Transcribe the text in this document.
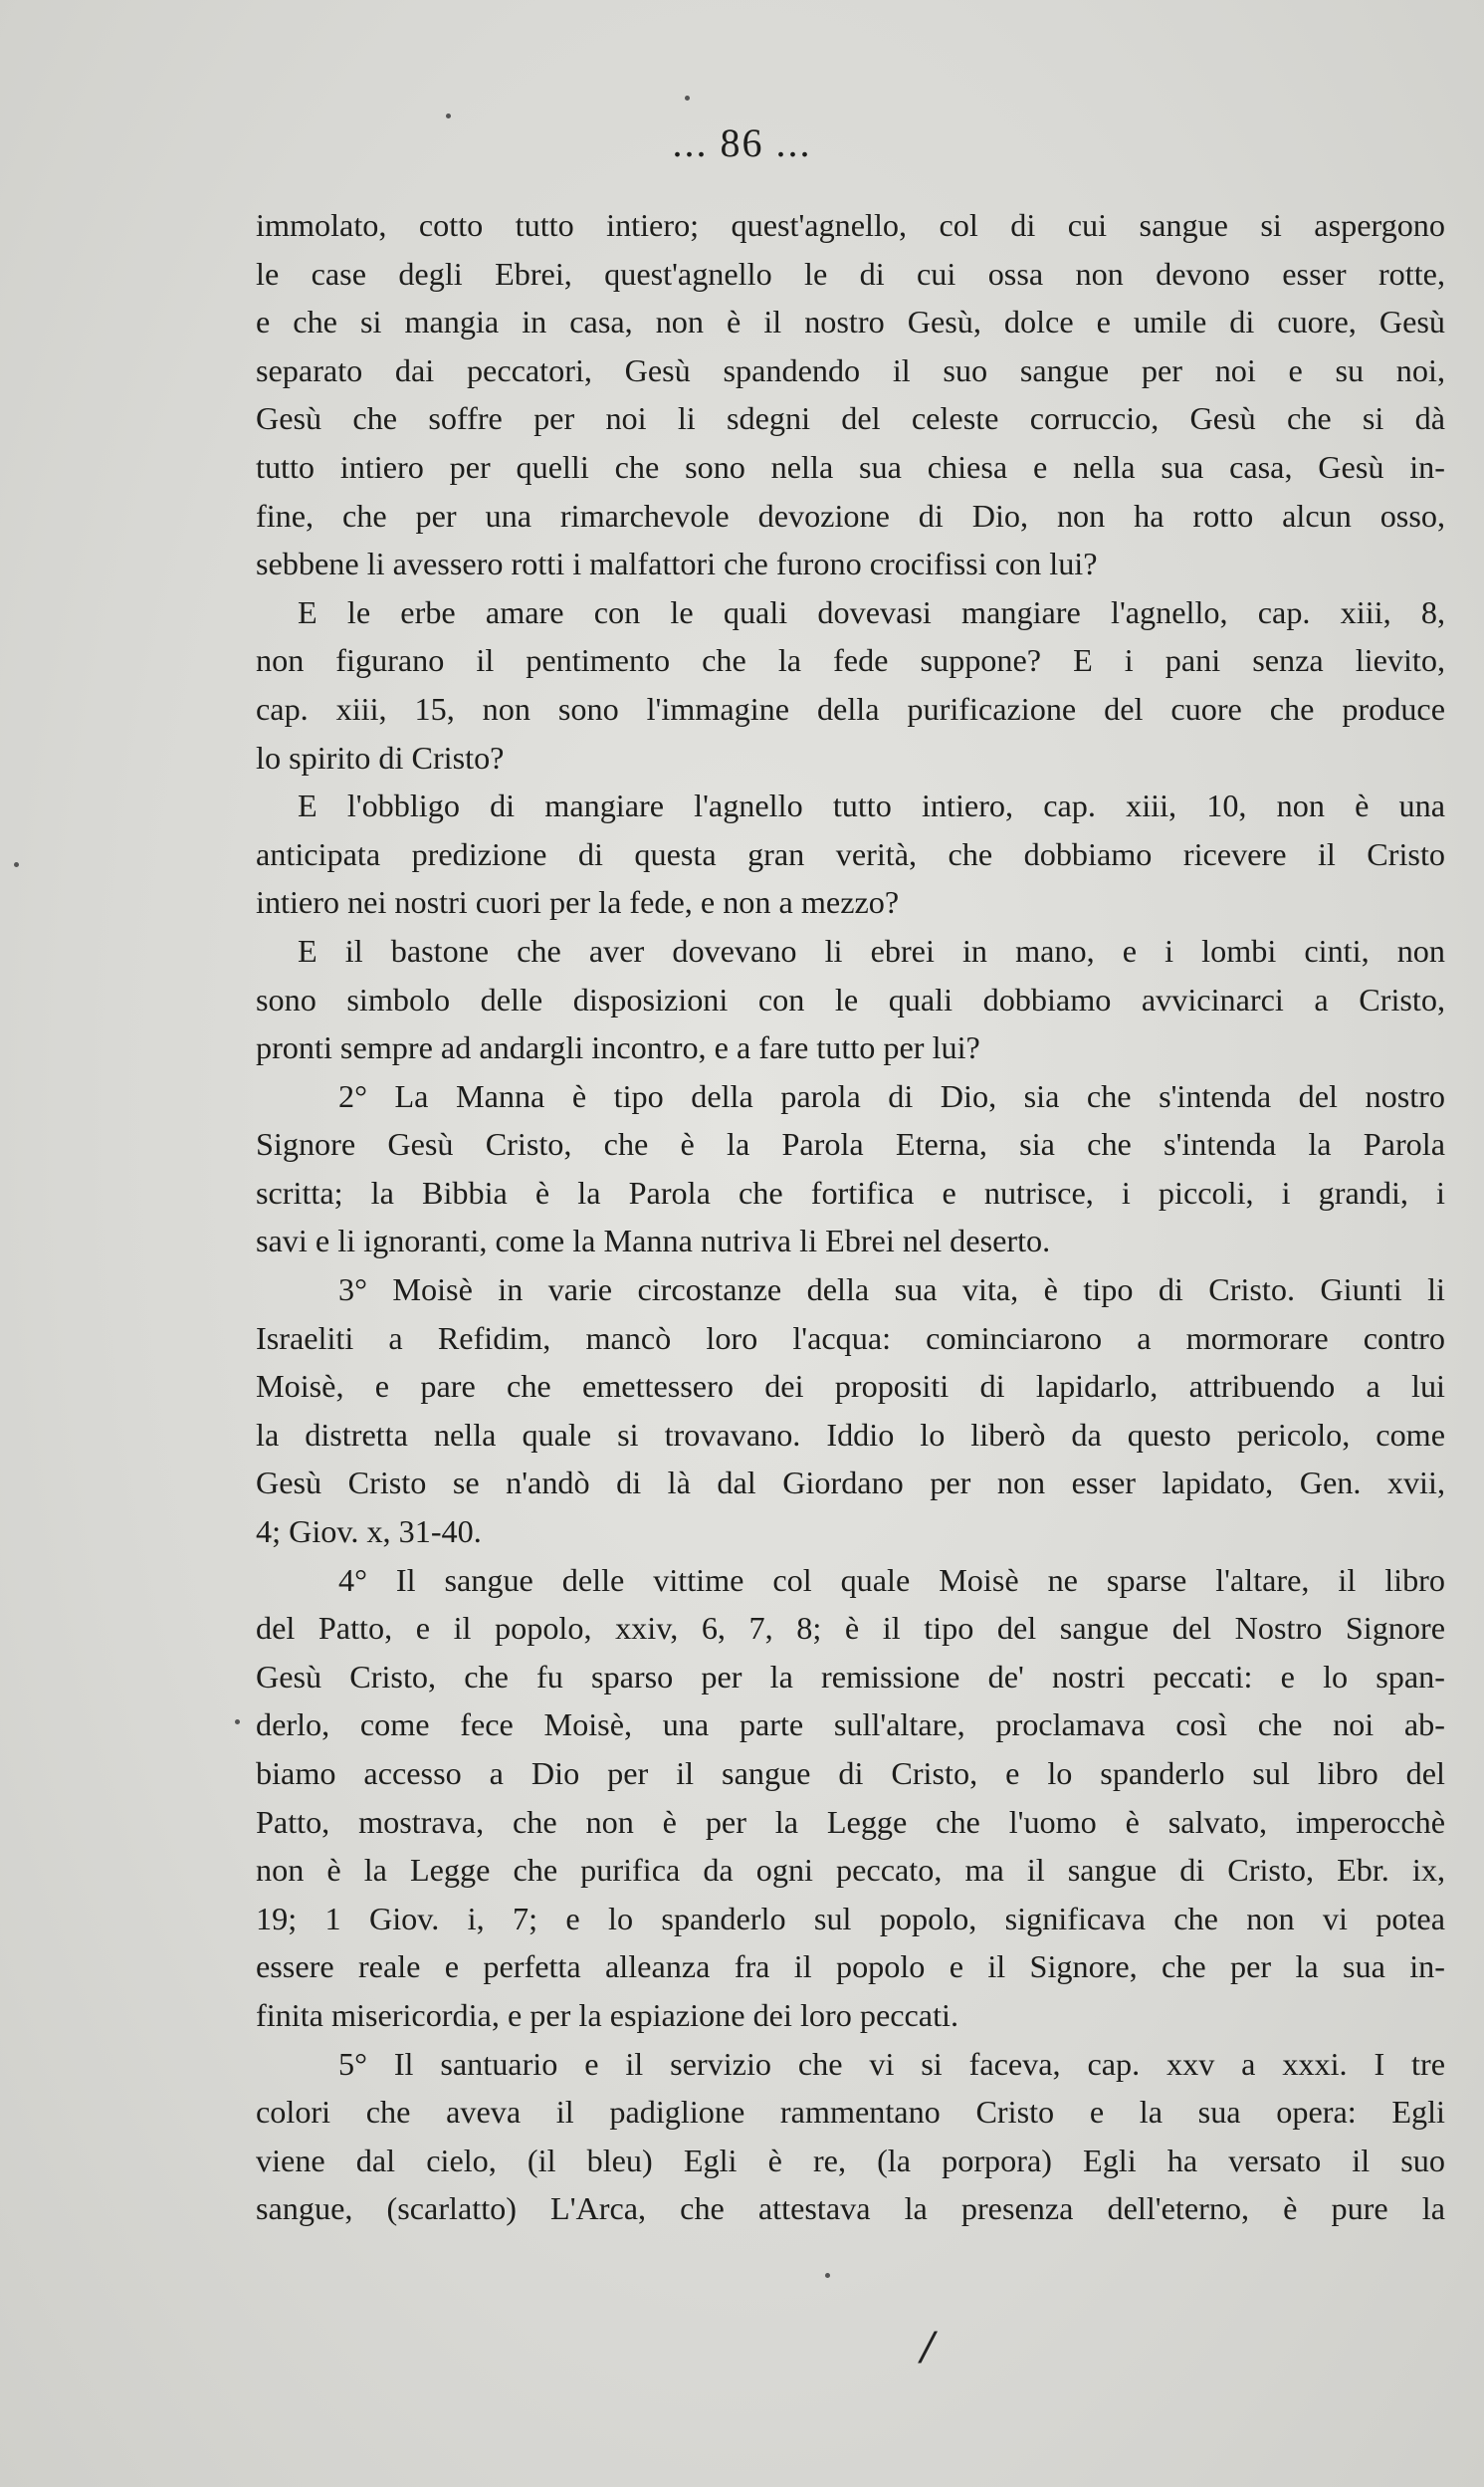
... 86 ...
immolato, cotto tutto intiero; quest'agnello, col di cui sangue si aspergono
le case degli Ebrei, quest'agnello le di cui ossa non devono esser rotte,
e che si mangia in casa, non è il nostro Gesù, dolce e umile di cuore, Gesù
separato dai peccatori, Gesù spandendo il suo sangue per noi e su noi,
Gesù che soffre per noi li sdegni del celeste corruccio, Gesù che si dà
tutto intiero per quelli che sono nella sua chiesa e nella sua casa, Gesù in-
fine, che per una rimarchevole devozione di Dio, non ha rotto alcun osso,
sebbene li avessero rotti i malfattori che furono crocifissi con lui?
E le erbe amare con le quali dovevasi mangiare l'agnello, cap. xiii, 8,
non figurano il pentimento che la fede suppone? E i pani senza lievito,
cap. xiii, 15, non sono l'immagine della purificazione del cuore che produce
lo spirito di Cristo?
E l'obbligo di mangiare l'agnello tutto intiero, cap. xiii, 10, non è una
anticipata predizione di questa gran verità, che dobbiamo ricevere il Cristo
intiero nei nostri cuori per la fede, e non a mezzo?
E il bastone che aver dovevano li ebrei in mano, e i lombi cinti, non
sono simbolo delle disposizioni con le quali dobbiamo avvicinarci a Cristo,
pronti sempre ad andargli incontro, e a fare tutto per lui?
2° La Manna è tipo della parola di Dio, sia che s'intenda del nostro
Signore Gesù Cristo, che è la Parola Eterna, sia che s'intenda la Parola
scritta; la Bibbia è la Parola che fortifica e nutrisce, i piccoli, i grandi, i
savi e li ignoranti, come la Manna nutriva li Ebrei nel deserto.
3° Moisè in varie circostanze della sua vita, è tipo di Cristo. Giunti li
Israeliti a Refidim, mancò loro l'acqua: cominciarono a mormorare contro
Moisè, e pare che emettessero dei propositi di lapidarlo, attribuendo a lui
la distretta nella quale si trovavano. Iddio lo liberò da questo pericolo, come
Gesù Cristo se n'andò di là dal Giordano per non esser lapidato, Gen. xvii,
4; Giov. x, 31-40.
4° Il sangue delle vittime col quale Moisè ne sparse l'altare, il libro
del Patto, e il popolo, xxiv, 6, 7, 8; è il tipo del sangue del Nostro Signore
Gesù Cristo, che fu sparso per la remissione de' nostri peccati: e lo span-
derlo, come fece Moisè, una parte sull'altare, proclamava così che noi ab-
biamo accesso a Dio per il sangue di Cristo, e lo spanderlo sul libro del
Patto, mostrava, che non è per la Legge che l'uomo è salvato, imperocchè
non è la Legge che purifica da ogni peccato, ma il sangue di Cristo, Ebr. ix,
19; 1 Giov. i, 7; e lo spanderlo sul popolo, significava che non vi potea
essere reale e perfetta alleanza fra il popolo e il Signore, che per la sua in-
finita misericordia, e per la espiazione dei loro peccati.
5° Il santuario e il servizio che vi si faceva, cap. xxv a xxxi. I tre
colori che aveva il padiglione rammentano Cristo e la sua opera: Egli
viene dal cielo, (il bleu) Egli è re, (la porpora) Egli ha versato il suo
sangue, (scarlatto) L'Arca, che attestava la presenza dell'eterno, è pure la
/
